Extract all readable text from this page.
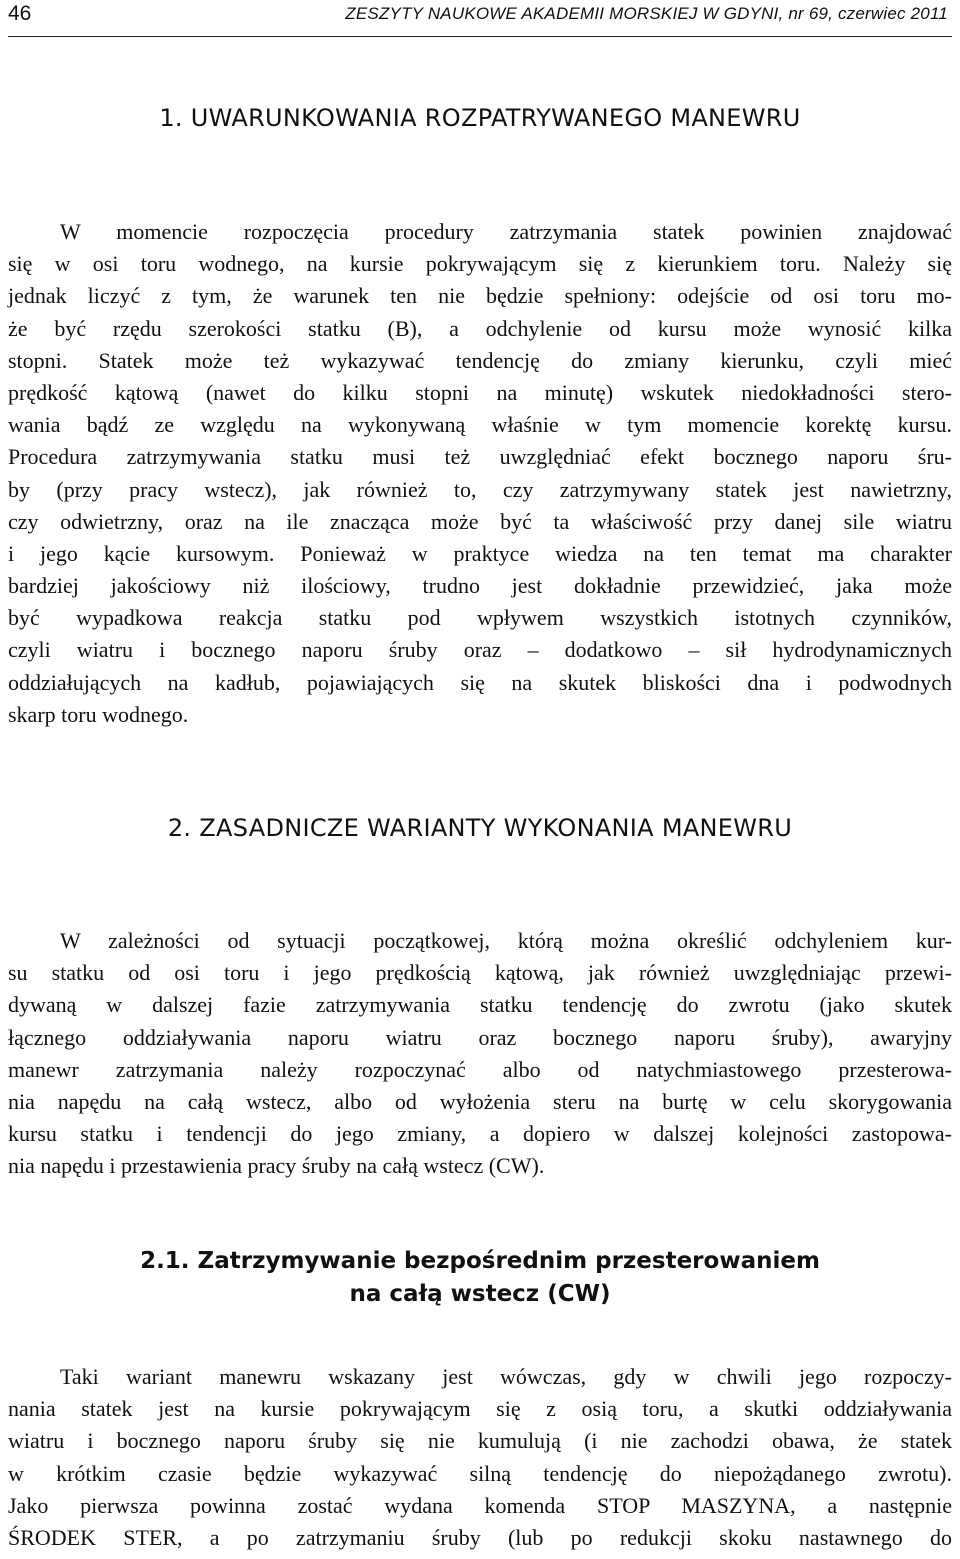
46	ZESZYTY NAUKOWE AKADEMII MORSKIEJ W GDYNI, nr 69, czerwiec 2011
1. UWARUNKOWANIA ROZPATRYWANEGO MANEWRU
W momencie rozpoczęcia procedury zatrzymania statek powinien znajdować
się w osi toru wodnego, na kursie pokrywającym się z kierunkiem toru. Należy się
jednak liczyć z tym, że warunek ten nie będzie spełniony: odejście od osi toru mo-
że być rzędu szerokości statku (B), a odchylenie od kursu może wynosić kilka
stopni. Statek może też wykazywać tendencję do zmiany kierunku, czyli mieć
prędkość kątową (nawet do kilku stopni na minutę) wskutek niedokładności stero-
wania bądź ze względu na wykonywaną właśnie w tym momencie korektę kursu.
Procedura zatrzymywania statku musi też uwzględniać efekt bocznego naporu śru-
by (przy pracy wstecz), jak również to, czy zatrzymywany statek jest nawietrzny,
czy odwietrzny, oraz na ile znacząca może być ta właściwość przy danej sile wiatru
i jego kącie kursowym. Ponieważ w praktyce wiedza na ten temat ma charakter
bardziej jakościowy niż ilościowy, trudno jest dokładnie przewidzieć, jaka może
być wypadkowa reakcja statku pod wpływem wszystkich istotnych czynników,
czyli wiatru i bocznego naporu śruby oraz – dodatkowo – sił hydrodynamicznych
oddziałujących na kadłub, pojawiających się na skutek bliskości dna i podwodnych
skarp toru wodnego.
2. ZASADNICZE WARIANTY WYKONANIA MANEWRU
W zależności od sytuacji początkowej, którą można określić odchyleniem kur-
su statku od osi toru i jego prędkością kątową, jak również uwzględniając przewi-
dywaną w dalszej fazie zatrzymywania statku tendencję do zwrotu (jako skutek
łącznego oddziaływania naporu wiatru oraz bocznego naporu śruby), awaryjny
manewr zatrzymania należy rozpoczynać albo od natychmiastowego przesterowa-
nia napędu na całą wstecz, albo od wyłożenia steru na burtę w celu skorygowania
kursu statku i tendencji do jego zmiany, a dopiero w dalszej kolejności zastopowa-
nia napędu i przestawienia pracy śruby na całą wstecz (CW).
2.1. Zatrzymywanie bezpośrednim przesterowaniem
na całą wstecz (CW)
Taki wariant manewru wskazany jest wówczas, gdy w chwili jego rozpoczy-
nania statek jest na kursie pokrywającym się z osią toru, a skutki oddziaływania
wiatru i bocznego naporu śruby się nie kumulują (i nie zachodzi obawa, że statek
w krótkim czasie będzie wykazywać silną tendencję do niepożądanego zwrotu).
Jako pierwsza powinna zostać wydana komenda STOP MASZYNA, a następnie
ŚRODEK STER, a po zatrzymaniu śruby (lub po redukcji skoku nastawnego do
